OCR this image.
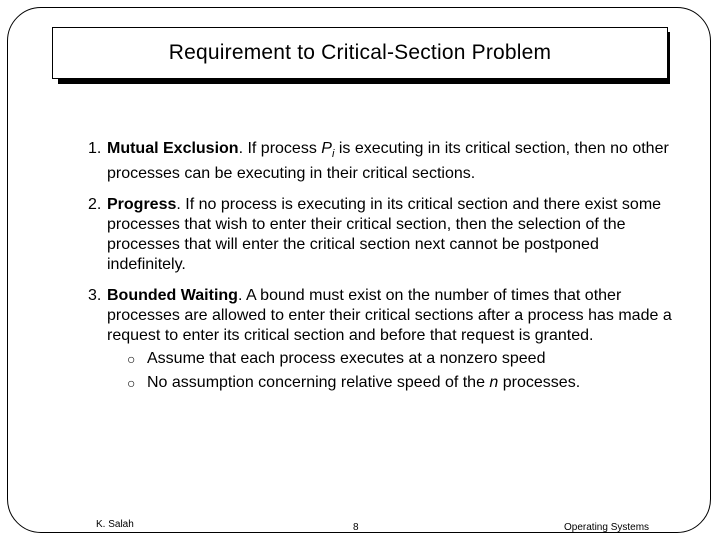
Requirement to Critical-Section Problem
1. Mutual Exclusion. If process $P_i$ is executing in its critical section, then no other processes can be executing in their critical sections.
2. Progress. If no process is executing in its critical section and there exist some processes that wish to enter their critical section, then the selection of the processes that will enter the critical section next cannot be postponed indefinitely.
3. Bounded Waiting. A bound must exist on the number of times that other processes are allowed to enter their critical sections after a process has made a request to enter its critical section and before that request is granted.
○ Assume that each process executes at a nonzero speed
○ No assumption concerning relative speed of the n processes.
K. Salah	8	Operating Systems
